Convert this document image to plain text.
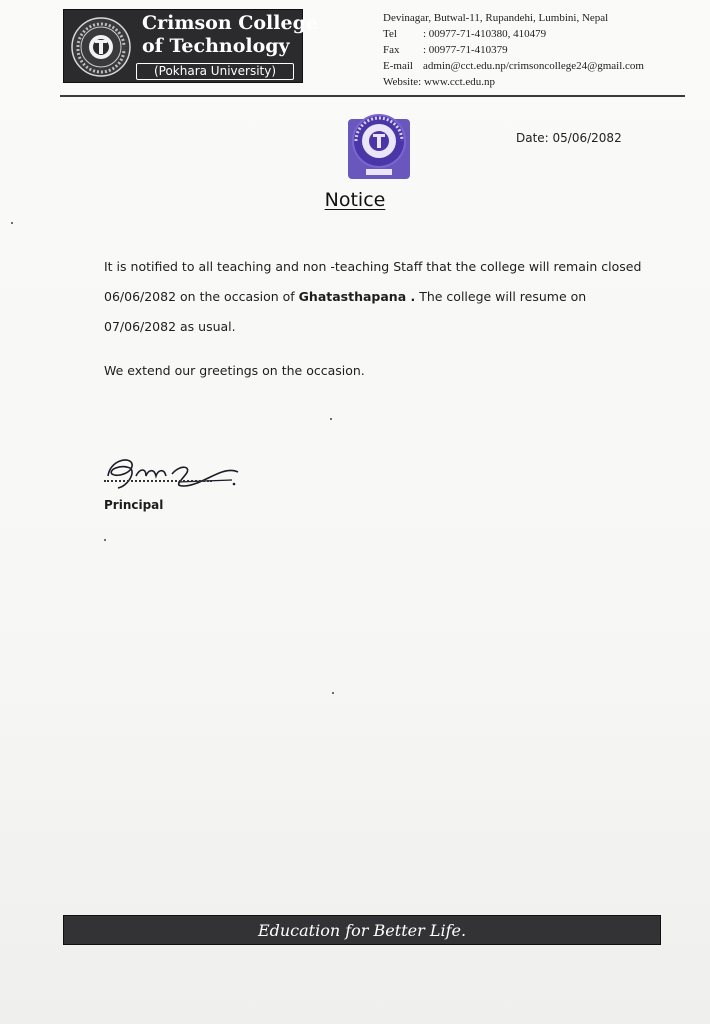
Crimson College
of Technology
(Pokhara University)
Devinagar, Butwal-11, Rupandehi, Lumbini, Nepal
Tel	: 00977-71-410380, 410479
Fax	: 00977-71-410379
E-mail admin@cct.edu.np/crimsoncollege24@gmail.com
Website : www.cct.edu.np
Date: 05/06/2082
Notice
It is notified to all teaching and non -teaching Staff that the college will remain closed 06/06/2082 on the occasion of Ghatasthapana . The college will resume on 07/06/2082 as usual.
We extend our greetings on the occasion.
Principal
Education for Better Life.
